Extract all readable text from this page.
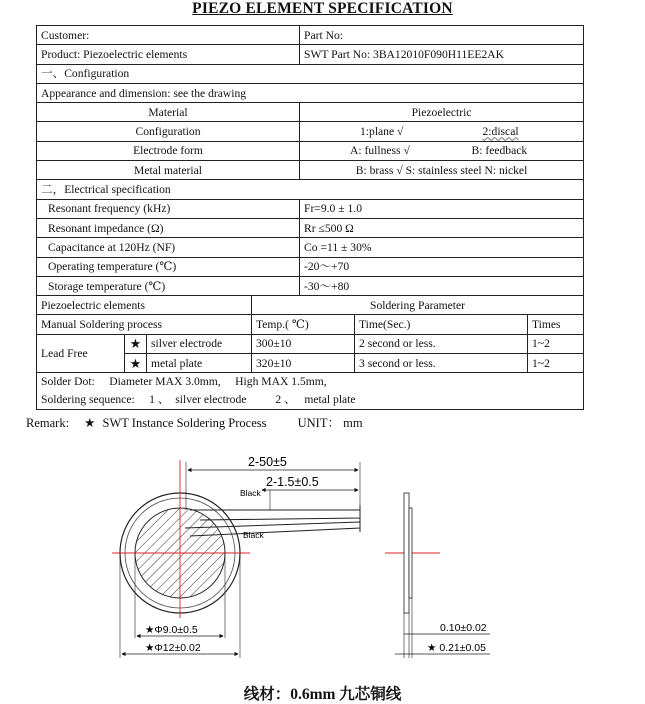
PIEZO ELEMENT SPECIFICATION
Customer:				Part No:		
Product: Piezoelectric elements				SWT Part No: 3BA12010F090H11EE2AK		
一、Configuration						
Appearance and dimension: see the drawing						
Material				Piezoelectric		
Configuration				1:plane √ 2:discal		

Electrode form				A: fullness √ B: feedback		

Metal material				B: brass √ S: stainless steel N: nickel		
二，Electrical specification						
Resonant frequency (kHz)				Fr=9.0 ± 1.0		
Resonant impedance (Ω)				Rr ≤500 Ω		
Capacitance at 120Hz (NF)				Co =11 ± 30%		
Operating temperature (℃)				-20～+70		
Storage temperature (℃)				-30～+80		
Piezoelectric elements			Soldering Parameter			
Manual Soldering process			Temp.( ℃)		Time(Sec.)	Times
Lead Free	★	silver electrode	300±10		2 second or less.	1~2
	★	metal plate	320±10		3 second or less.	1~2

Solder Dot:     Diameter MAX 3.0mm,     High MAX 1.5mm,
Soldering sequence:     1 、  silver electrode          2 、   metal plate						
Remark: ★ SWT Instance Soldering Process UNIT： mm
2-50±5
2-1.5±0.5
Black
Black
★Φ9.0±0.5
★Φ12±0.02
0.10±0.02
★ 0.21±0.05
线材：0.6mm 九芯铜线
